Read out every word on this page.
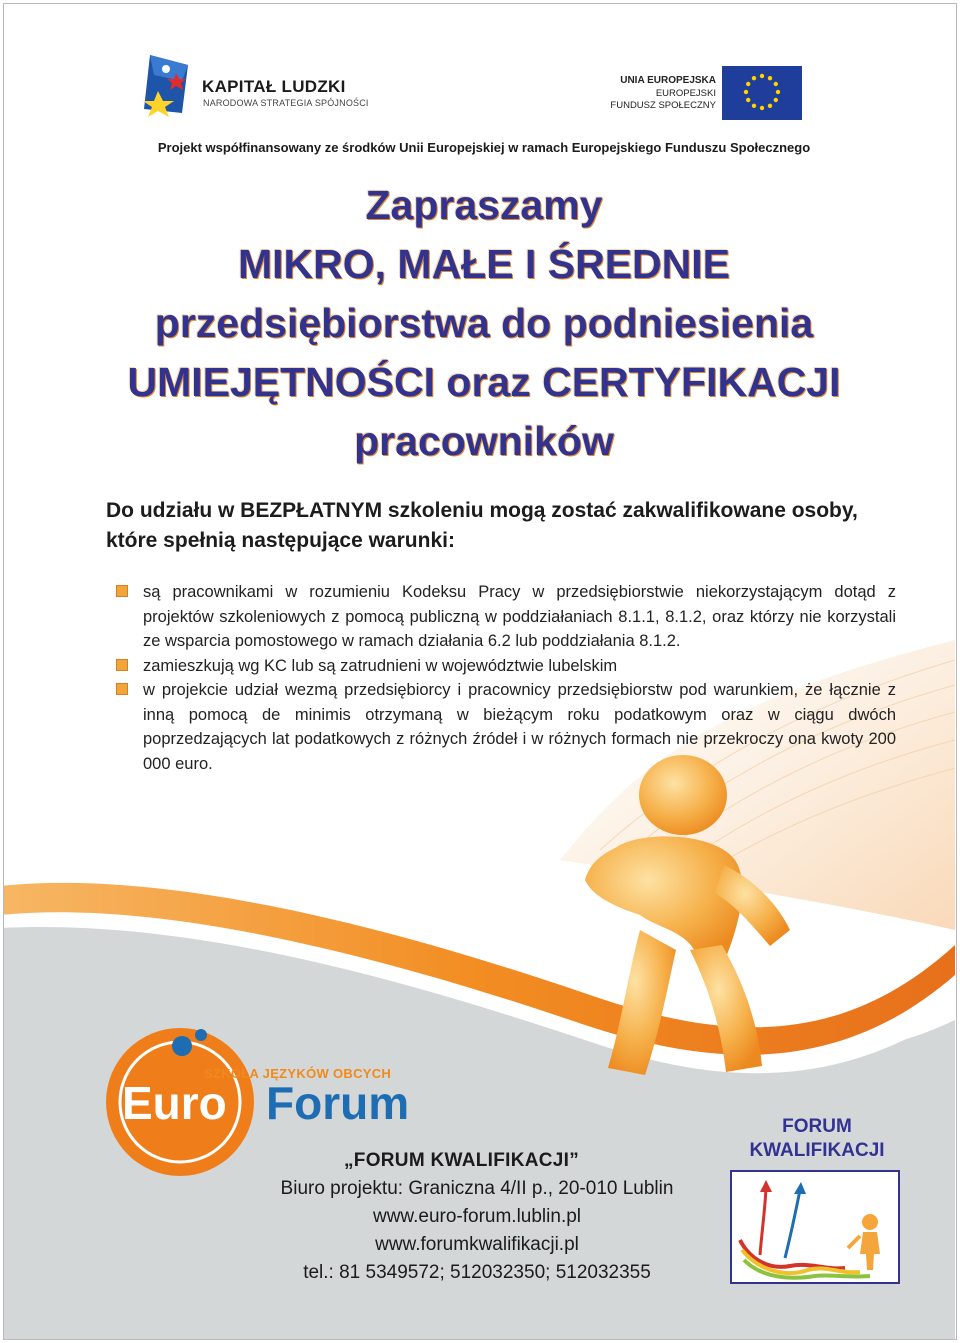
KAPITAŁ LUDZKI
NARODOWA STRATEGIA SPÓJNOŚCI
UNIA EUROPEJSKA
EUROPEJSKI
FUNDUSZ SPOŁECZNY
Projekt współfinansowany ze środków Unii Europejskiej w ramach Europejskiego Funduszu Społecznego
Zapraszamy
MIKRO, MAŁE I ŚREDNIE
przedsiębiorstwa do podniesienia
UMIEJĘTNOŚCI oraz CERTYFIKACJI
pracowników
Do udziału w BEZPŁATNYM szkoleniu mogą zostać zakwalifikowane osoby, które spełnią następujące warunki:
są pracownikami w rozumieniu Kodeksu Pracy w przedsiębiorstwie niekorzystającym dotąd z projektów szkoleniowych z pomocą publiczną w poddziałaniach 8.1.1, 8.1.2, oraz którzy nie korzystali ze wsparcia pomostowego w ramach działania 6.2 lub poddziałania 8.1.2.
zamieszkują wg KC lub są zatrudnieni w województwie lubelskim
w projekcie udział wezmą przedsiębiorcy i pracownicy przedsiębiorstw pod warunkiem, że łącznie z inną pomocą de minimis otrzymaną w bieżącym roku podatkowym oraz w ciągu dwóch poprzedzających lat podatkowych z różnych źródeł i w różnych formach nie przekroczy ona kwoty 200 000 euro.
SZKOŁA JĘZYKÓW OBCYCH
Euro Forum
„FORUM KWALIFIKACJI”
Biuro projektu: Graniczna 4/II p., 20-010 Lublin
www.euro-forum.lublin.pl
www.forumkwalifikacji.pl
tel.: 81 5349572; 512032350; 512032355
FORUM
KWALIFIKACJI
